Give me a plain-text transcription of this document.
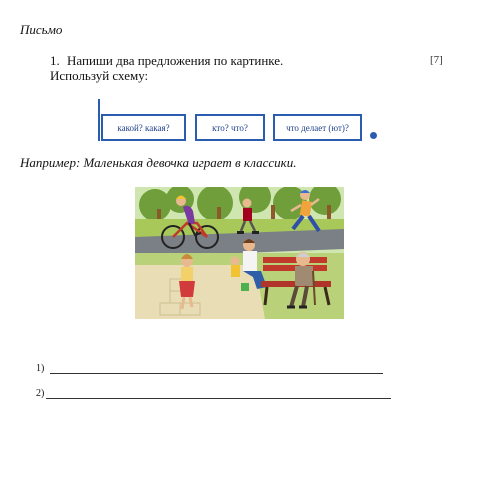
Письмо
1. Напиши два предложения по картинке.
Используй схему:
[7]
какой? какая?	кто? что?	что делает (ют)?
Например: Маленькая девочка играет в классики.
1)
2)
